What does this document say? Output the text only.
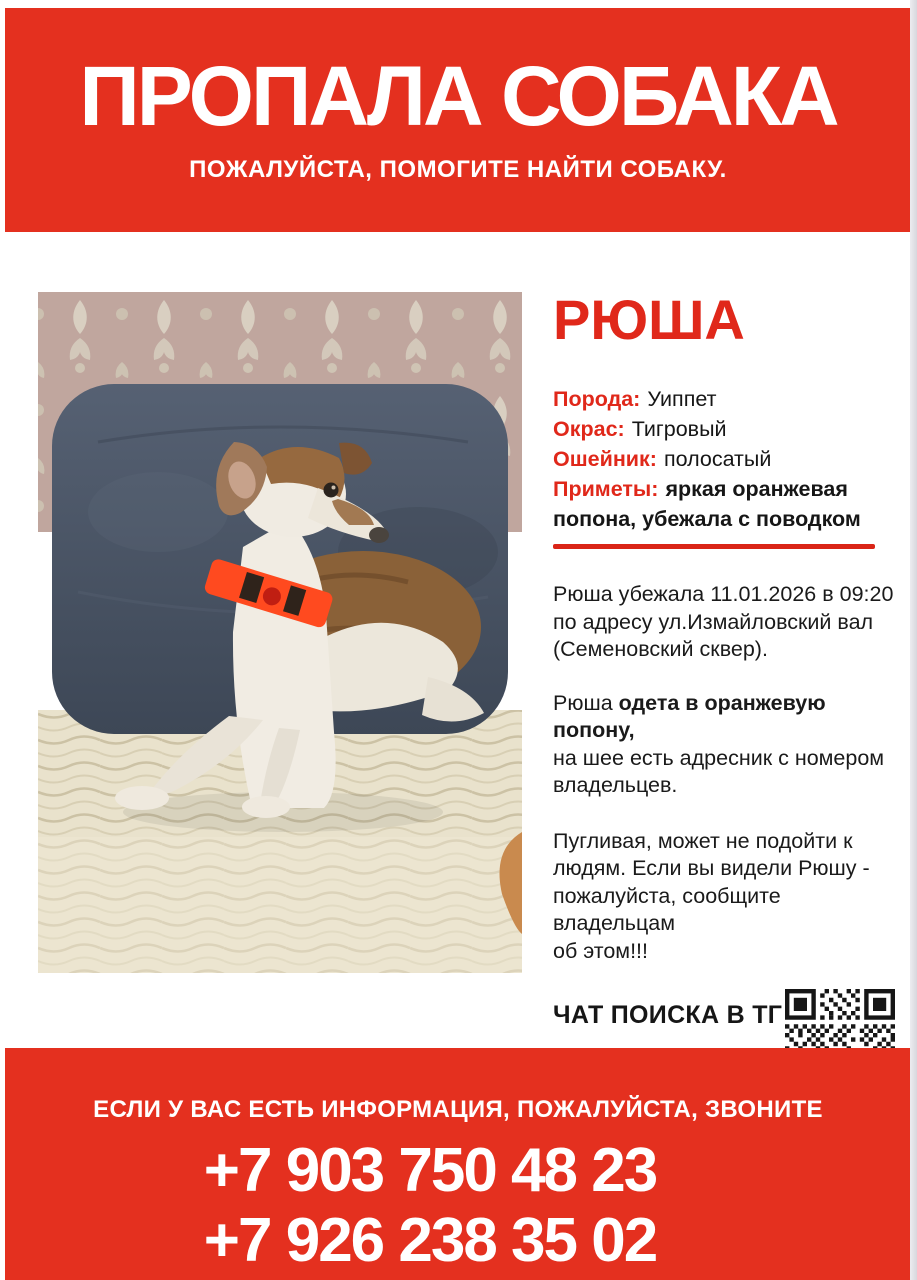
ПРОПАЛА СОБАКА
ПОЖАЛУЙСТА, ПОМОГИТЕ НАЙТИ СОБАКУ.
РЮША

Порода: Уиппет

Окрас: Тигровый

Ошейник: полосатый

Приметы: яркая оранжевая попона, убежала с поводком

Рюша убежала 11.01.2026 в 09:20
по адресу ул.Измайловский вал
(Семеновский сквер).

Рюша одета в оранжевую попону,
на шее есть адресник с номером
владельцев.

Пугливая, может не подойти к
людям. Если вы видели Рюшу -
пожалуйста, сообщите владельцам
об этом!!!

ЧАТ ПОИСКА В ТГ
ЕСЛИ У ВАС ЕСТЬ ИНФОРМАЦИЯ, ПОЖАЛУЙСТА, ЗВОНИТЕ
+7 903 750 48 23
+7 926 238 35 02
